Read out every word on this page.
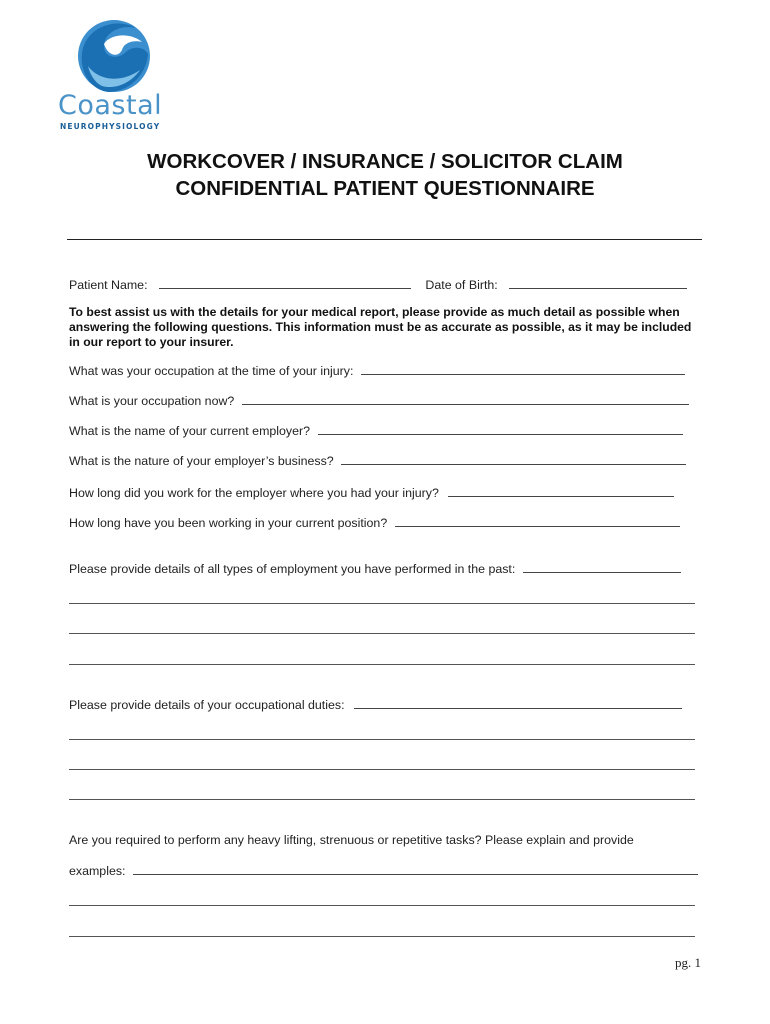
Coastal
NEUROPHYSIOLOGY
WORKCOVER / INSURANCE / SOLICITOR CLAIM
CONFIDENTIAL PATIENT QUESTIONNAIRE
Patient Name:	Date of Birth:
To best assist us with the details for your medical report, please provide as much detail as possible when answering the following questions. This information must be as accurate as possible, as it may be included in our report to your insurer.
What was your occupation at the time of your injury:
What is your occupation now?
What is the name of your current employer?
What is the nature of your employer’s business?
How long did you work for the employer where you had your injury?
How long have you been working in your current position?
Please provide details of all types of employment you have performed in the past:
Please provide details of your occupational duties:
Are you required to perform any heavy lifting, strenuous or repetitive tasks? Please explain and provide
examples:
pg. 1
